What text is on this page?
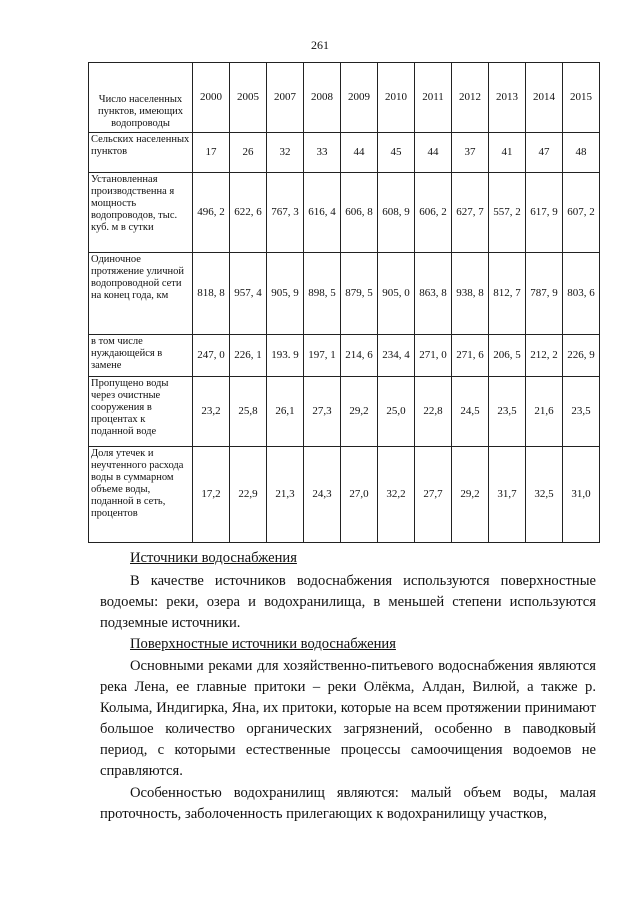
261
Число населенных пунктов, имеющих водопроводы	2000	2005	2007	2008	2009	2010	2011	2012	2013	2014	2015
Сельских населенных пунктов	17	26	32	33	44	45	44	37	41	47	48
Установленная производственна я мощность водопроводов, тыс. куб. м в сутки	496, 2	622, 6	767, 3	616, 4	606, 8	608, 9	606, 2	627, 7	557, 2	617, 9	607, 2
Одиночное протяжение уличной водопроводной сети на конец года, км	818, 8	957, 4	905, 9	898, 5	879, 5	905, 0	863, 8	938, 8	812, 7	787, 9	803, 6
в том числе нуждающейся в замене	247, 0	226, 1	193. 9	197, 1	214, 6	234, 4	271, 0	271, 6	206, 5	212, 2	226, 9
Пропущено воды через очистные сооружения в процентах к поданной воде	23,2	25,8	26,1	27,3	29,2	25,0	22,8	24,5	23,5	21,6	23,5
Доля утечек и неучтенного расхода воды в суммарном объеме воды, поданной в сеть, процентов	17,2	22,9	21,3	24,3	27,0	32,2	27,7	29,2	31,7	32,5	31,0
Источники водоснабжения
В качестве источников водоснабжения используются поверхностные водоемы: реки, озера и водохранилища, в меньшей степени используются подземные источники.
Поверхностные источники водоснабжения
Основными реками для хозяйственно-питьевого водоснабжения являются река Лена, ее главные притоки – реки Олёкма, Алдан, Вилюй, а также р. Колыма, Индигирка, Яна, их притоки, которые на всем протяжении принимают большое количество органических загрязнений, особенно в паводковый период, с которыми естественные процессы самоочищения водоемов не справляются.
Особенностью водохранилищ являются: малый объем воды, малая проточность, заболоченность прилегающих к водохранилищу участков,
